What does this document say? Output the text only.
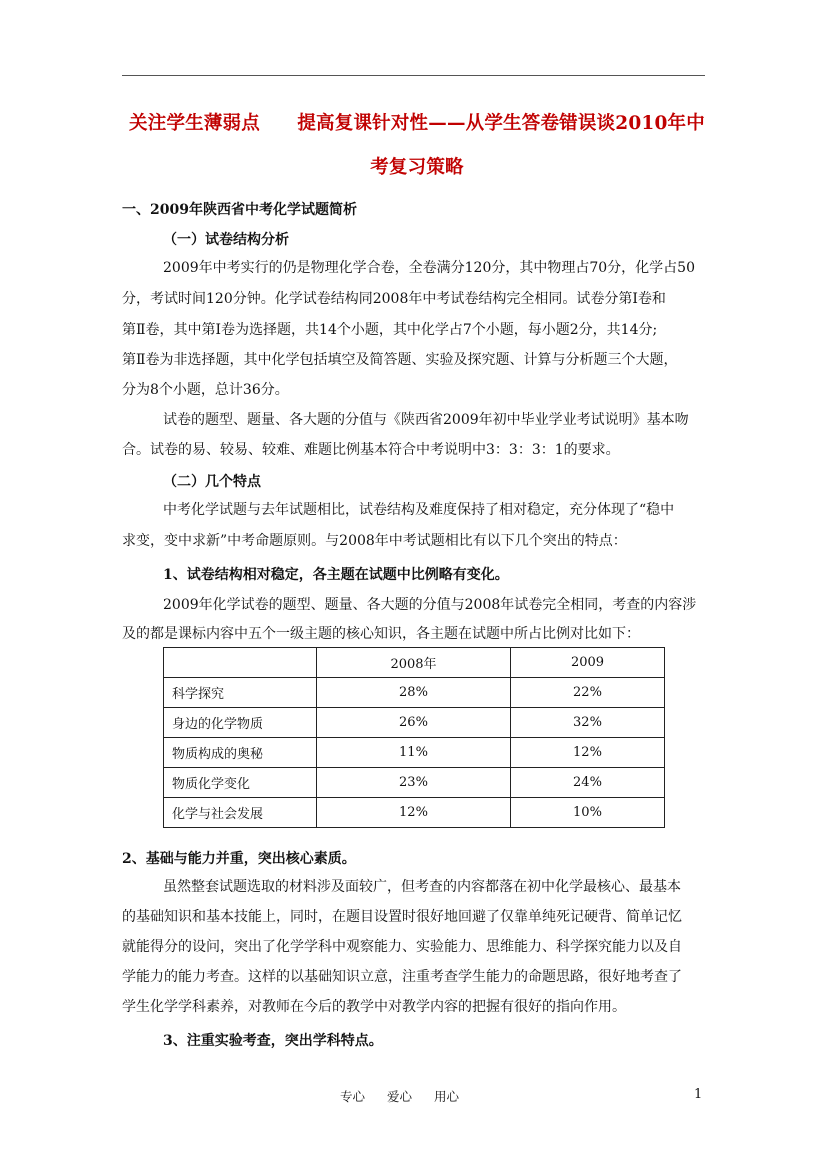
关注学生薄弱点　　提高复课针对性——从学生答卷错误谈2010年中
考复习策略
一、2009年陕西省中考化学试题简析
（一）试卷结构分析
2009年中考实行的仍是物理化学合卷，全卷满分120分，其中物理占70分，化学占50
分，考试时间120分钟。化学试卷结构同2008年中考试卷结构完全相同。试卷分第Ⅰ卷和
第Ⅱ卷，其中第Ⅰ卷为选择题，共14个小题，其中化学占7个小题，每小题2分，共14分;
第Ⅱ卷为非选择题，其中化学包括填空及简答题、实验及探究题、计算与分析题三个大题，
分为8个小题，总计36分。
试卷的题型、题量、各大题的分值与《陕西省2009年初中毕业学业考试说明》基本吻
合。试卷的易、较易、较难、难题比例基本符合中考说明中3：3：3：1的要求。
（二）几个特点
中考化学试题与去年试题相比，试卷结构及难度保持了相对稳定，充分体现了“稳中
求变，变中求新”中考命题原则。与2008年中考试题相比有以下几个突出的特点：
1、试卷结构相对稳定，各主题在试题中比例略有变化。
2009年化学试卷的题型、题量、各大题的分值与2008年试卷完全相同，考查的内容涉
及的都是课标内容中五个一级主题的核心知识，各主题在试题中所占比例对比如下：
	2008年	2009
科学探究	28%	22%
身边的化学物质	26%	32%
物质构成的奥秘	11%	12%
物质化学变化	23%	24%
化学与社会发展	12%	10%
2、基础与能力并重，突出核心素质。
虽然整套试题选取的材料涉及面较广，但考查的内容都落在初中化学最核心、最基本
的基础知识和基本技能上，同时，在题目设置时很好地回避了仅靠单纯死记硬背、简单记忆
就能得分的设问，突出了化学学科中观察能力、实验能力、思维能力、科学探究能力以及自
学能力的能力考查。这样的以基础知识立意，注重考查学生能力的命题思路，很好地考查了
学生化学学科素养，对教师在今后的教学中对教学内容的把握有很好的指向作用。
3、注重实验考查，突出学科特点。
专心 爱心 用心	1
